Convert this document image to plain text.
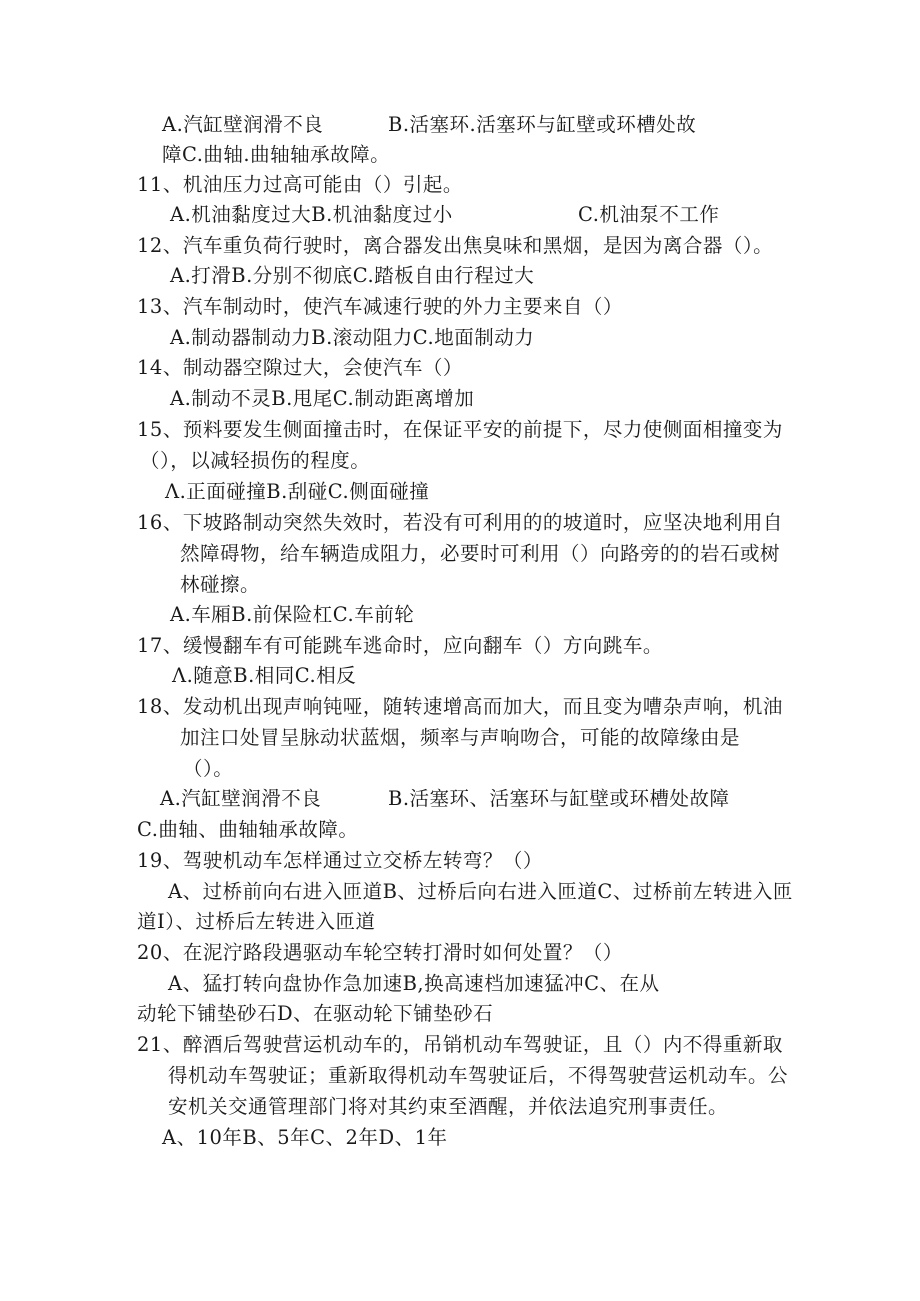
A.汽缸壁润滑不良	B.活塞环.活塞环与缸壁或环槽处故
障C.曲轴.曲轴轴承故障。
11、机油压力过高可能由（）引起。
A.机油黏度过大B.机油黏度过小	C.机油泵不工作
12、汽车重负荷行驶时，离合器发出焦臭味和黑烟，是因为离合器（）。
A.打滑B.分别不彻底C.踏板自由行程过大
13、汽车制动时，使汽车减速行驶的外力主要来自（）
A.制动器制动力B.滚动阻力C.地面制动力
14、制动器空隙过大，会使汽车（）
A.制动不灵B.甩尾C.制动距离增加
15、预料要发生侧面撞击时，在保证平安的前提下，尽力使侧面相撞变为
（），以减轻损伤的程度。
Λ.正面碰撞B.刮碰C.侧面碰撞
16、下坡路制动突然失效时，若没有可利用的的坡道时，应坚决地利用自
然障碍物，给车辆造成阻力，必要时可利用（）向路旁的的岩石或树
林碰擦。
A.车厢B.前保险杠C.车前轮
17、缓慢翻车有可能跳车逃命时，应向翻车（）方向跳车。
Λ.随意B.相同C.相反
18、发动机出现声响钝哑，随转速增高而加大，而且变为嘈杂声响，机油
加注口处冒呈脉动状蓝烟，频率与声响吻合，可能的故障缘由是
（）。
A.汽缸壁润滑不良	B.活塞环、活塞环与缸壁或环槽处故障
C.曲轴、曲轴轴承故障。
19、驾驶机动车怎样通过立交桥左转弯？（）
A、过桥前向右进入匝道B、过桥后向右进入匝道C、过桥前左转进入匝
道I）、过桥后左转进入匝道
20、在泥泞路段遇驱动车轮空转打滑时如何处置？（）
A、猛打转向盘协作急加速B,换高速档加速猛冲C、在从
动轮下铺垫砂石D、在驱动轮下铺垫砂石
21、醉酒后驾驶营运机动车的，吊销机动车驾驶证，且（）内不得重新取
得机动车驾驶证；重新取得机动车驾驶证后，不得驾驶营运机动车。公
安机关交通管理部门将对其约束至酒醒，并依法追究刑事责任。
A、10年B、5年C、2年D、1年
